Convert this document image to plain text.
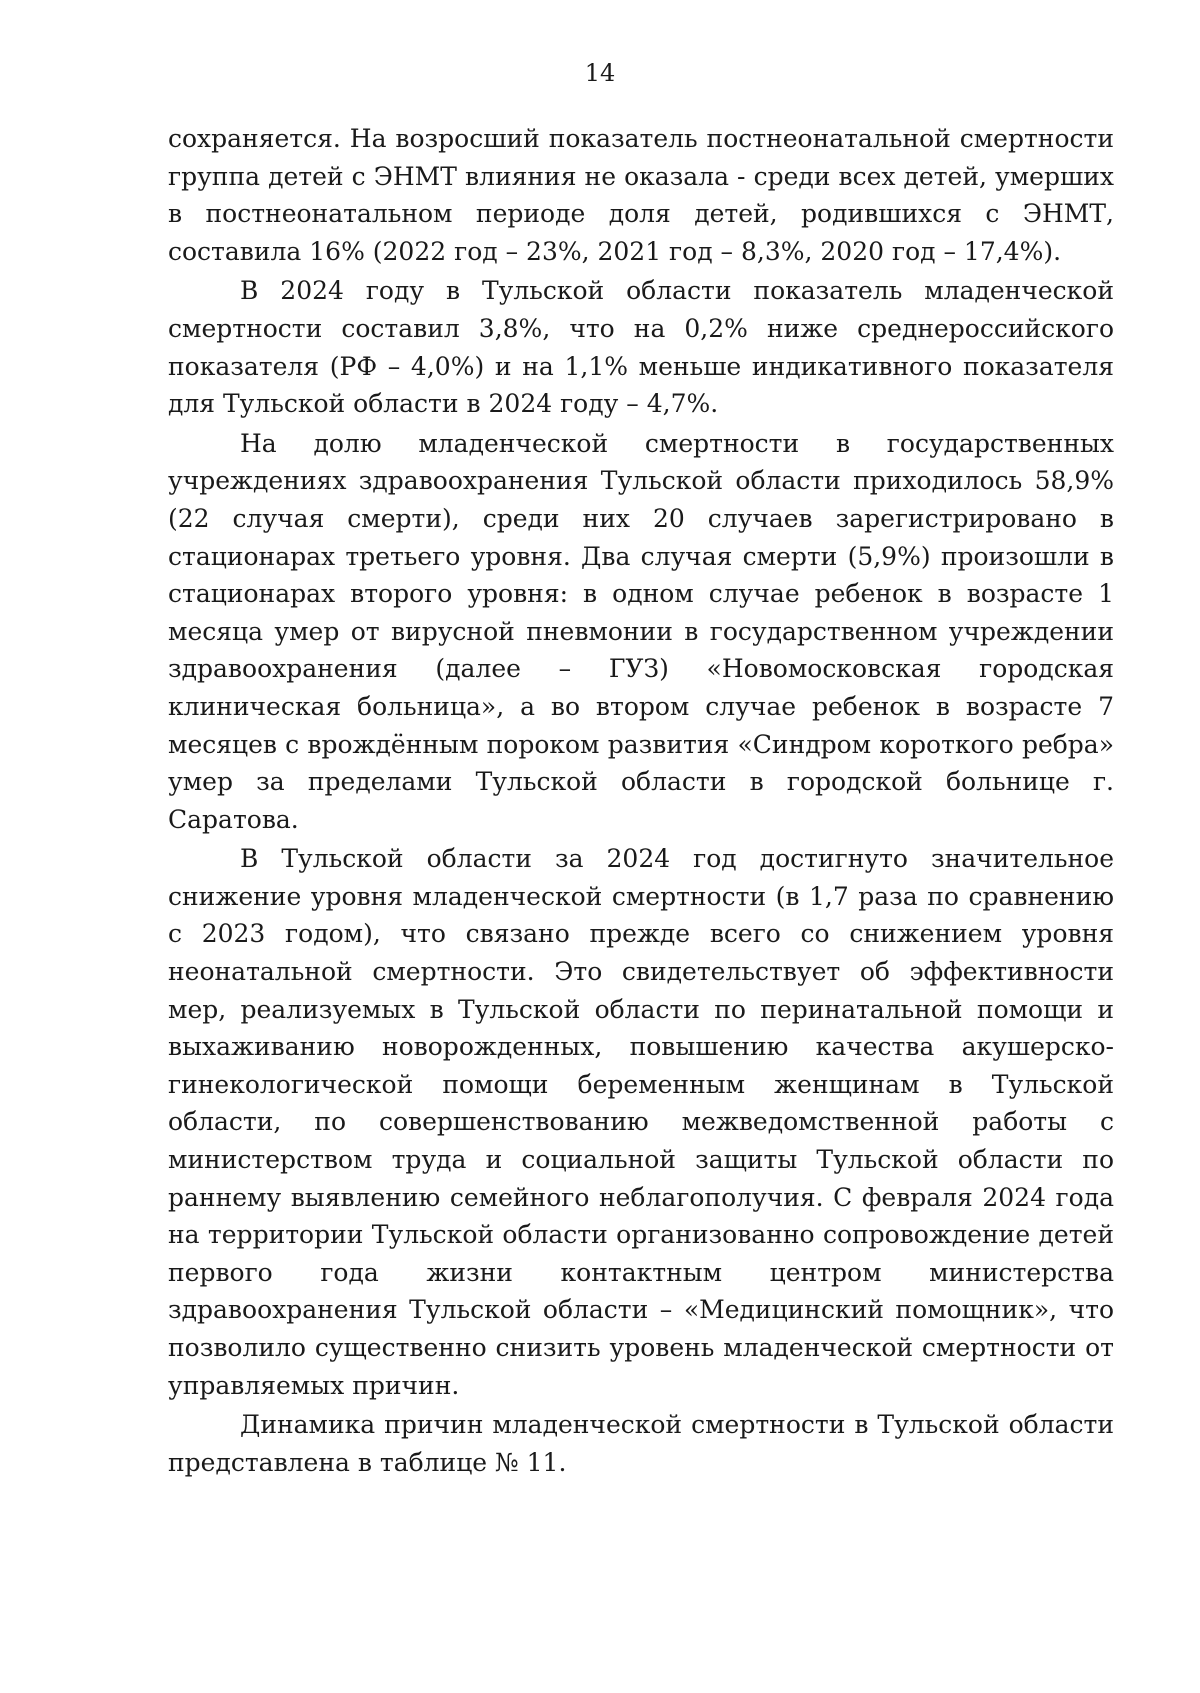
14

сохраняется. На возросший показатель постнеонатальной смертности группа детей с ЭНМТ влияния не оказала - среди всех детей, умерших в постнеонатальном периоде доля детей, родившихся с ЭНМТ, составила 16% (2022 год – 23%, 2021 год – 8,3%, 2020 год – 17,4%).

В 2024 году в Тульской области показатель младенческой смертности составил 3,8%, что на 0,2% ниже среднероссийского показателя (РФ – 4,0%) и на 1,1% меньше индикативного показателя для Тульской области в 2024 году – 4,7%.

На долю младенческой смертности в государственных учреждениях здравоохранения Тульской области приходилось 58,9% (22 случая смерти), среди них 20 случаев зарегистрировано в стационарах третьего уровня. Два случая смерти (5,9%) произошли в стационарах второго уровня: в одном случае ребенок в возрасте 1 месяца умер от вирусной пневмонии в государственном учреждении здравоохранения (далее – ГУЗ) «Новомосковская городская клиническая больница», а во втором случае ребенок в возрасте 7 месяцев с врождённым пороком развития «Синдром короткого ребра» умер за пределами Тульской области в городской больнице г. Саратова.

В Тульской области за 2024 год достигнуто значительное снижение уровня младенческой смертности (в 1,7 раза по сравнению с 2023 годом), что связано прежде всего со снижением уровня неонатальной смертности. Это свидетельствует об эффективности мер, реализуемых в Тульской области по перинатальной помощи и выхаживанию новорожденных, повышению качества акушерско-гинекологической помощи беременным женщинам в Тульской области, по совершенствованию межведомственной работы с министерством труда и социальной защиты Тульской области по раннему выявлению семейного неблагополучия. С февраля 2024 года на территории Тульской области организованно сопровождение детей первого года жизни контактным центром министерства здравоохранения Тульской области – «Медицинский помощник», что позволило существенно снизить уровень младенческой смертности от управляемых причин.

Динамика причин младенческой смертности в Тульской области представлена в таблице № 11.
